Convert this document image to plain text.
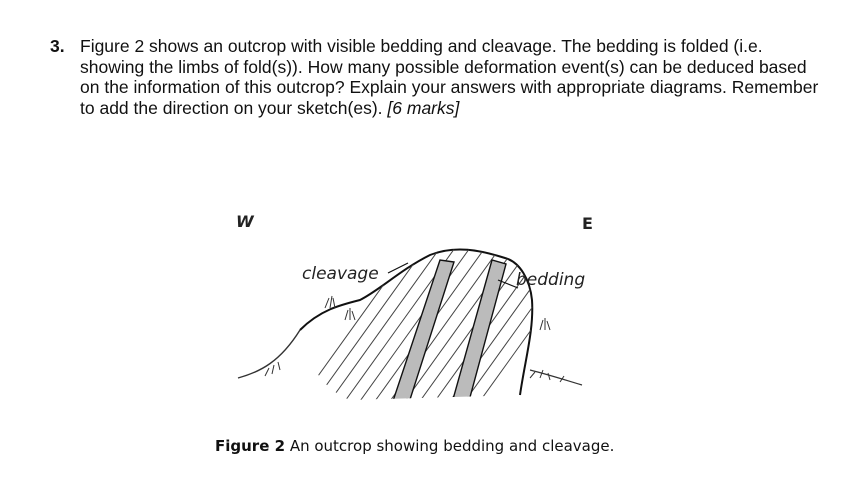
3. Figure 2 shows an outcrop with visible bedding and cleavage. The bedding is folded (i.e. showing the limbs of fold(s)). How many possible deformation event(s) can be deduced based on the information of this outcrop? Explain your answers with appropriate diagrams. Remember to add the direction on your sketch(es). [6 marks]
W	E
cleavage	bedding
Figure 2 An outcrop showing bedding and cleavage.
